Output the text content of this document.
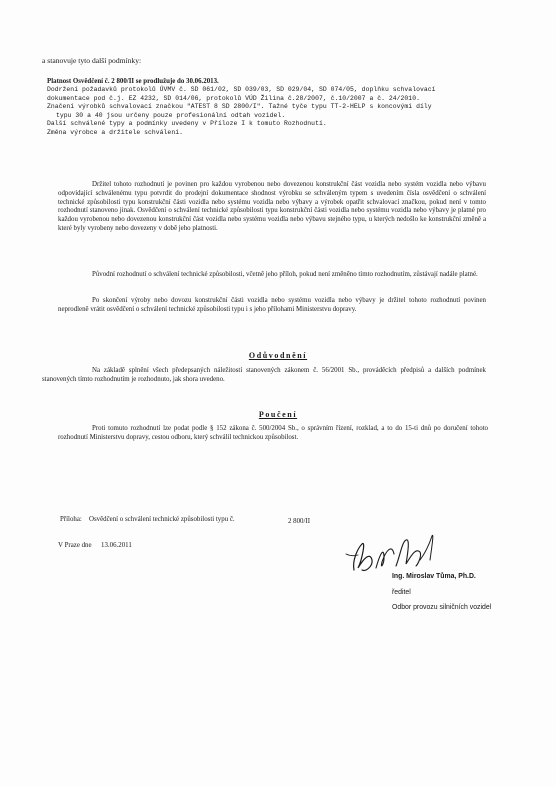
a stanovuje tyto další podmínky:

Platnost Osvědčení č. 2 800/II se prodlužuje do 30.06.2013.

Dodržení požadavků protokolů ÚVMV č. SD 061/02, SD 039/03, SD 029/04, SD 074/05, doplňku schvalovací

dokumentace pod č.j. EZ 4232, SD 014/06, protokolů VÚD Žilina č.28/2007, č.10/2007 a č. 24/2010.

Značení výrobků schvalovací značkou "ATEST 8 SD 2800/I". Tažné tyče typu TT-2-HELP s koncovými díly

typu 30 a 40 jsou určeny pouze profesionální odtah vozidel.

Další schválené typy a podmínky uvedeny v Příloze I k tomuto Rozhodnutí.

Změna výrobce a držitele schválení.

Držitel tohoto rozhodnutí je povinen pro každou vyrobenou nebo dovezenou konstrukční část vozidla nebo systém vozidla nebo výbavu odpovídající schválenému typu potvrdit do prodejní dokumentace shodnost výrobku se schváleným typem s uvedením čísla osvědčení o schválení technické způsobilosti typu konstrukční části vozidla nebo systému vozidla nebo výbavy a výrobek opatřit schvalovací značkou, pokud není v tomto rozhodnutí stanoveno jinak. Osvědčení o schválení technické způsobilosti typu konstrukční části vozidla nebo systému vozidla nebo výbavy je platné pro každou vyrobenou nebo dovezenou konstrukční část vozidla nebo systému vozidla nebo výbavu stejného typu, u kterých nedošlo ke konstrukční změně a které byly vyrobeny nebo dovezeny v době jeho platnosti.

Původní rozhodnutí o schválení technické způsobilosti, včetně jeho příloh, pokud není změněno tímto rozhodnutím, zůstávají nadále platné.

Po skončení výroby nebo dovozu konstrukční části vozidla nebo systému vozidla nebo výbavy je držitel tohoto rozhodnutí povinen neprodleně vrátit osvědčení o schválení technické způsobilosti typu i s jeho přílohami Ministerstvu dopravy.

Odůvodnění

Na základě splnění všech předepsaných náležitostí stanovených zákonem č. 56/2001 Sb., prováděcích předpisů a dalších podmínek stanovených tímto rozhodnutím je rozhodnuto, jak shora uvedeno.

Poučení

Proti tomuto rozhodnutí lze podat podle § 152 zákona č. 500/2004 Sb., o správním řízení, rozklad, a to do 15-ti dnů po doručení tohoto rozhodnutí Ministerstvu dopravy, cestou odboru, který schválil technickou způsobilost.

Příloha: Osvědčení o schválení technické způsobilosti typu č.	2 800/II
V Praze dne 13.06.2011
Ing. Miroslav Tůma, Ph.D.
ředitel
Odbor provozu silničních vozidel
